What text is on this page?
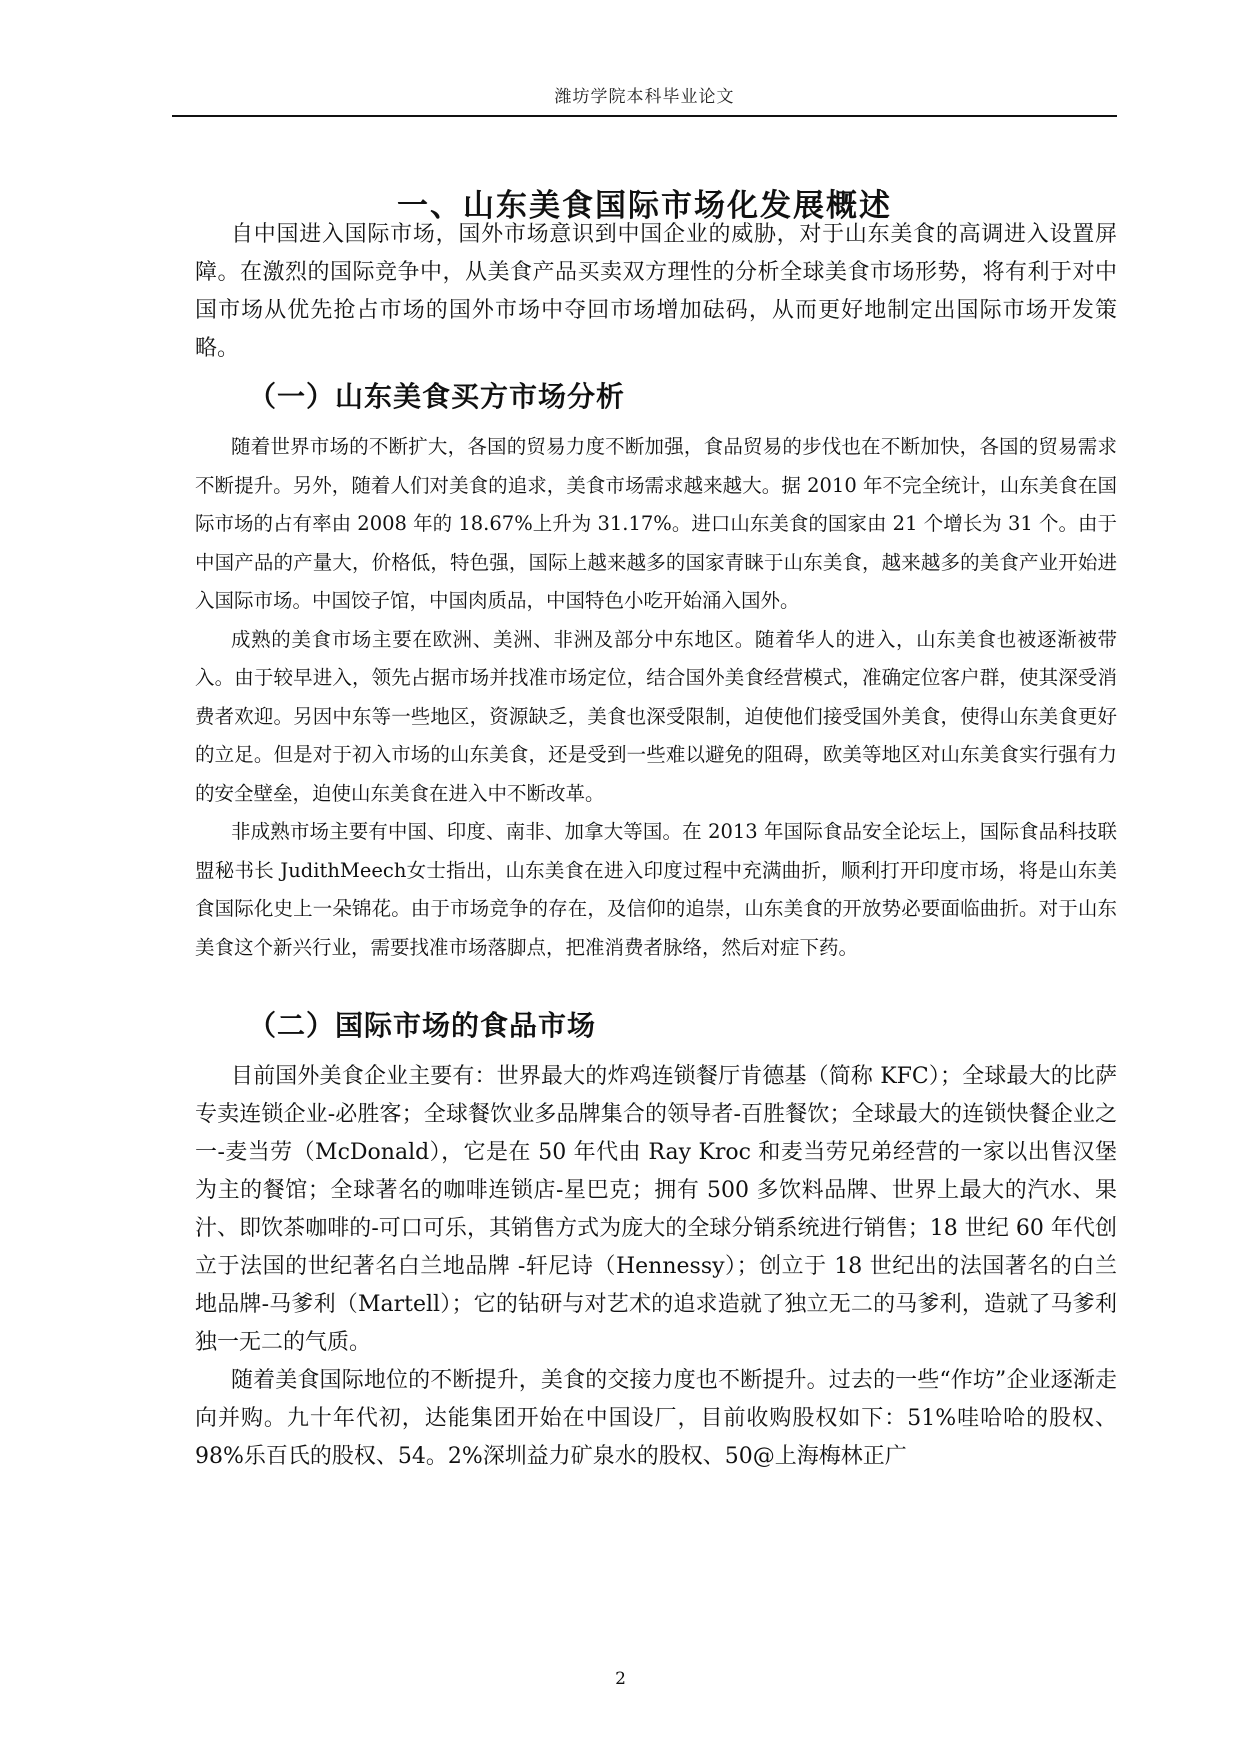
潍坊学院本科毕业论文
一、山东美食国际市场化发展概述

自中国进入国际市场，国外市场意识到中国企业的威胁，对于山东美食的高调进入设置屏障。在激烈的国际竞争中，从美食产品买卖双方理性的分析全球美食市场形势，将有利于对中国市场从优先抢占市场的国外市场中夺回市场增加砝码，从而更好地制定出国际市场开发策略。

（一）山东美食买方市场分析

随着世界市场的不断扩大，各国的贸易力度不断加强，食品贸易的步伐也在不断加快，各国的贸易需求不断提升。另外，随着人们对美食的追求，美食市场需求越来越大。据 2010 年不完全统计，山东美食在国际市场的占有率由 2008 年的 18.67%上升为 31.17%。进口山东美食的国家由 21 个增长为 31 个。由于中国产品的产量大，价格低，特色强，国际上越来越多的国家青睐于山东美食，越来越多的美食产业开始进入国际市场。中国饺子馆，中国肉质品，中国特色小吃开始涌入国外。

成熟的美食市场主要在欧洲、美洲、非洲及部分中东地区。随着华人的进入，山东美食也被逐渐被带入。由于较早进入，领先占据市场并找准市场定位，结合国外美食经营模式，准确定位客户群，使其深受消费者欢迎。另因中东等一些地区，资源缺乏，美食也深受限制，迫使他们接受国外美食，使得山东美食更好的立足。但是对于初入市场的山东美食，还是受到一些难以避免的阻碍，欧美等地区对山东美食实行强有力的安全壁垒，迫使山东美食在进入中不断改革。

非成熟市场主要有中国、印度、南非、加拿大等国。在 2013 年国际食品安全论坛上，国际食品科技联盟秘书长 JudithMeech女士指出，山东美食在进入印度过程中充满曲折，顺利打开印度市场，将是山东美食国际化史上一朵锦花。由于市场竞争的存在，及信仰的追崇，山东美食的开放势必要面临曲折。对于山东美食这个新兴行业，需要找准市场落脚点，把准消费者脉络，然后对症下药。

（二）国际市场的食品市场

目前国外美食企业主要有：世界最大的炸鸡连锁餐厅肯德基（简称 KFC）；全球最大的比萨专卖连锁企业-必胜客；全球餐饮业多品牌集合的领导者-百胜餐饮；全球最大的连锁快餐企业之一-麦当劳（McDonald），它是在 50 年代由 Ray Kroc 和麦当劳兄弟经营的一家以出售汉堡为主的餐馆；全球著名的咖啡连锁店-星巴克；拥有 500 多饮料品牌、世界上最大的汽水、果汁、即饮茶咖啡的-可口可乐，其销售方式为庞大的全球分销系统进行销售；18 世纪 60 年代创立于法国的世纪著名白兰地品牌 -轩尼诗（Hennessy）；创立于 18 世纪出的法国著名的白兰地品牌-马爹利（Martell）；它的钻研与对艺术的追求造就了独立无二的马爹利，造就了马爹利独一无二的气质。

随着美食国际地位的不断提升，美食的交接力度也不断提升。过去的一些“作坊”企业逐渐走向并购。九十年代初，达能集团开始在中国设厂，目前收购股权如下：51%哇哈哈的股权、98%乐百氏的股权、54。2%深圳益力矿泉水的股权、50@上海梅林正广

2
